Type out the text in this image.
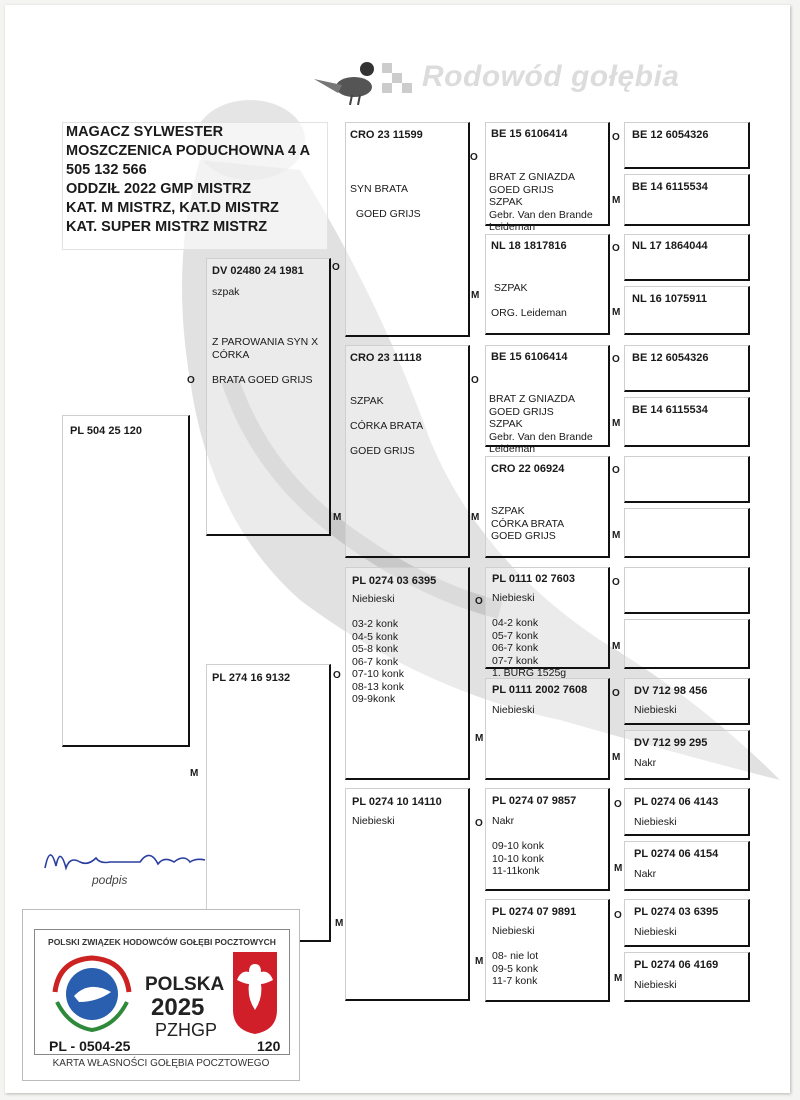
Rodowód gołębia
MAGACZ SYLWESTER
MOSZCZENICA PODUCHOWNA 4 A
505 132 566
ODDZIŁ 2022 GMP MISTRZ
KAT. M MISTRZ, KAT.D MISTRZ
KAT. SUPER MISTRZ MISTRZ
PL 504 25 120
O
M
DV 02480 24 1981
szpak

Z PAROWANIA SYN X
CÓRKA

BRATA GOED GRIJS
O
M
PL 274 16 9132	O
M
CRO 23 11599
SYN BRATA

GOED GRIJS
O
M
CRO 23 11118
SZPAK

CÓRKA BRATA

GOED GRIJS
O
M
PL 0274 03 6395
Niebieski

03-2 konk
04-5 konk
05-8 konk
06-7 konk
07-10 konk
08-13 konk
09-9konk
O
M
PL 0274 10 14110
Niebieski	O
M
BE 15 6106414
BRAT Z GNIAZDA
GOED GRIJS
SZPAK
Gebr. Van den Brande
Leideman
NL 18 1817816
SZPAK

ORG. Leideman
BE 15 6106414
BRAT Z GNIAZDA
GOED GRIJS
SZPAK
Gebr. Van den Brande
Leideman
CRO 22 06924
SZPAK
CÓRKA BRATA
GOED GRIJS
PL 0111 02 7603
Niebieski

04-2 konk
05-7 konk
06-7 konk
07-7 konk
1. BURG 1525g
PL 0111 2002 7608
Niebieski
PL 0274 07 9857
Nakr

09-10 konk
10-10 konk
11-11konk
PL 0274 07 9891
Niebieski

08- nie lot
09-5 konk
11-7 konk
O
M
O
M
O
M
O
M
O
M
O
M
O
M
O
M
BE 12 6054326
BE 14 6115534
NL 17 1864044
NL 16 1075911
BE 12 6054326
BE 14 6115534
DV 712 98 456
Niebieski
DV 712 99 295
Nakr
PL 0274 06 4143
Niebieski
PL 0274 06 4154
Nakr
PL 0274 03 6395
Niebieski
PL 0274 06 4169
Niebieski
podpis
POLSKI ZWIĄZEK HODOWCÓW GOŁĘBI POCZTOWYCH
POLSKA
2025
PZHGP
PL - 0504-25	120
KARTA WŁASNOŚCI GOŁĘBIA POCZTOWEGO
